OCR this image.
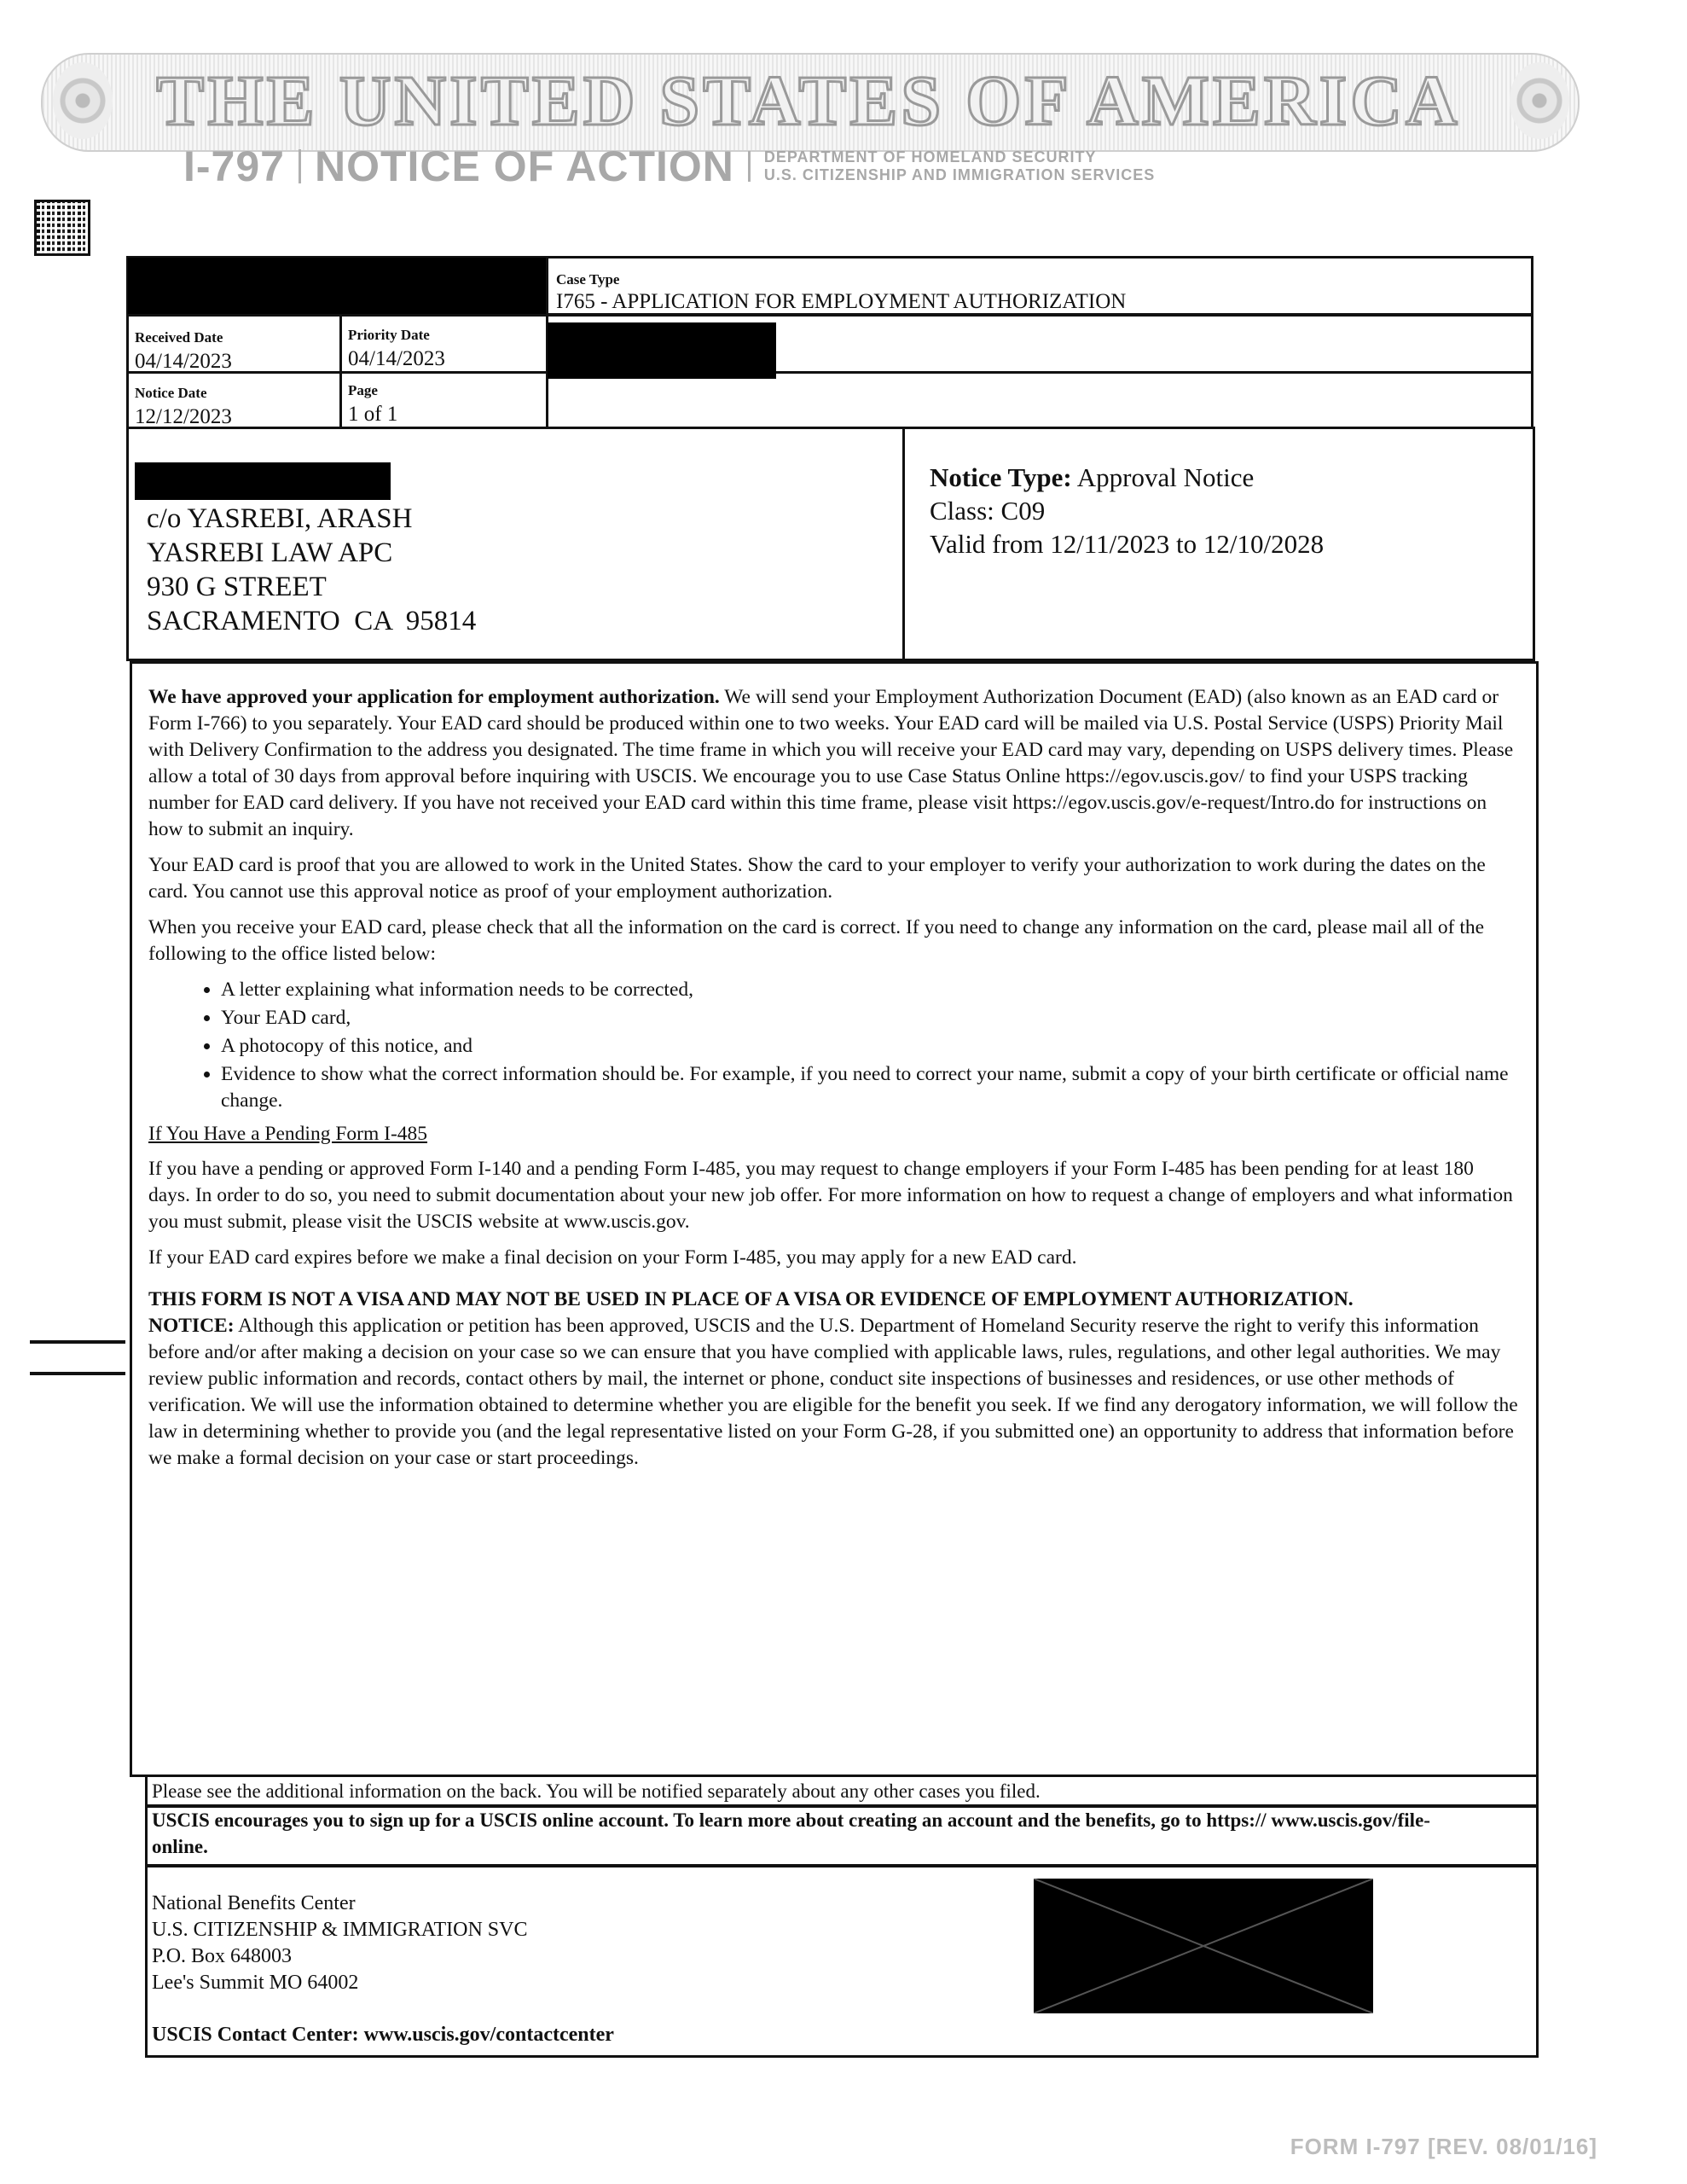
THE UNITED STATES OF AMERICA
I-797 NOTICE OF ACTION DEPARTMENT OF HOMELAND SECURITY
U.S. CITIZENSHIP AND IMMIGRATION SERVICES
Case Type
I765 - APPLICATION FOR EMPLOYMENT AUTHORIZATION
Received Date
04/14/2023
Priority Date
04/14/2023
Notice Date
12/12/2023
Page
1 of 1
c/o YASREBI, ARASH
YASREBI LAW APC
930 G STREET
SACRAMENTO  CA  95814
Notice Type: Approval Notice
Class: C09
Valid from 12/11/2023 to 12/10/2028

We have approved your application for employment authorization. We will send your Employment Authorization Document (EAD) (also known as an EAD card or Form I-766) to you separately. Your EAD card should be produced within one to two weeks. Your EAD card will be mailed via U.S. Postal Service (USPS) Priority Mail with Delivery Confirmation to the address you designated. The time frame in which you will receive your EAD card may vary, depending on USPS delivery times. Please allow a total of 30 days from approval before inquiring with USCIS. We encourage you to use Case Status Online https://egov.uscis.gov/ to find your USPS tracking number for EAD card delivery. If you have not received your EAD card within this time frame, please visit https://egov.uscis.gov/e-request/Intro.do for instructions on how to submit an inquiry.

Your EAD card is proof that you are allowed to work in the United States. Show the card to your employer to verify your authorization to work during the dates on the card. You cannot use this approval notice as proof of your employment authorization.

When you receive your EAD card, please check that all the information on the card is correct. If you need to change any information on the card, please mail all of the following to the office listed below:

• A letter explaining what information needs to be corrected,
• Your EAD card,
• A photocopy of this notice, and
• Evidence to show what the correct information should be. For example, if you need to correct your name, submit a copy of your birth certificate or official name change.

If You Have a Pending Form I-485

If you have a pending or approved Form I-140 and a pending Form I-485, you may request to change employers if your Form I-485 has been pending for at least 180 days. In order to do so, you need to submit documentation about your new job offer. For more information on how to request a change of employers and what information you must submit, please visit the USCIS website at www.uscis.gov.

If your EAD card expires before we make a final decision on your Form I-485, you may apply for a new EAD card.

THIS FORM IS NOT A VISA AND MAY NOT BE USED IN PLACE OF A VISA OR EVIDENCE OF EMPLOYMENT AUTHORIZATION.

NOTICE: Although this application or petition has been approved, USCIS and the U.S. Department of Homeland Security reserve the right to verify this information before and/or after making a decision on your case so we can ensure that you have complied with applicable laws, rules, regulations, and other legal authorities. We may review public information and records, contact others by mail, the internet or phone, conduct site inspections of businesses and residences, or use other methods of verification. We will use the information obtained to determine whether you are eligible for the benefit you seek. If we find any derogatory information, we will follow the law in determining whether to provide you (and the legal representative listed on your Form G-28, if you submitted one) an opportunity to address that information before we make a formal decision on your case or start proceedings.

Please see the additional information on the back. You will be notified separately about any other cases you filed.
USCIS encourages you to sign up for a USCIS online account. To learn more about creating an account and the benefits, go to https:// www.uscis.gov/file-online.
National Benefits Center
U.S. CITIZENSHIP & IMMIGRATION SVC
P.O. Box 648003
Lee's Summit MO 64002
USCIS Contact Center: www.uscis.gov/contactcenter
FORM I-797 [REV. 08/01/16]
